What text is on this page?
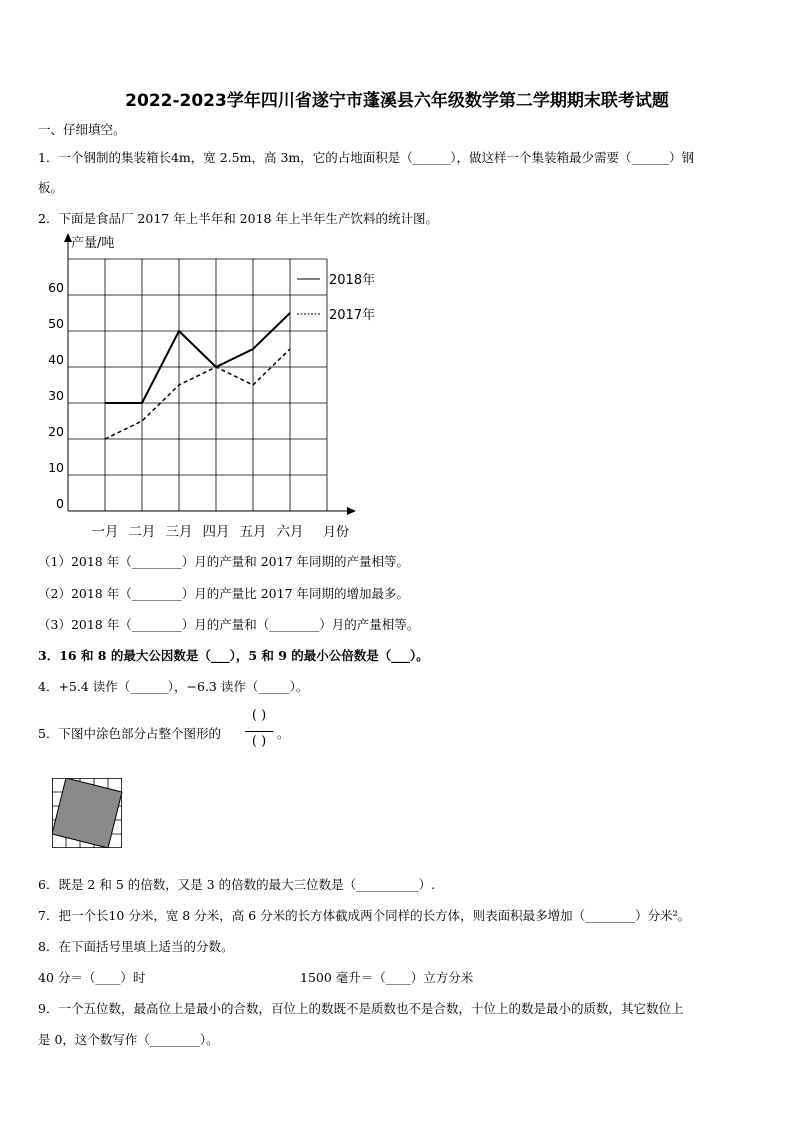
2022-2023学年四川省遂宁市蓬溪县六年级数学第二学期期末联考试题
一、仔细填空。
1．一个钢制的集装箱长4m，宽 2.5m，高 3m，它的占地面积是（______），做这样一个集装箱最少需要（______）钢
板。
2．下面是食品厂 2017 年上半年和 2018 年上半年生产饮料的统计图。
产量/吨
月份
0
10
20
30
40
50
60
一月 二月 三月 四月 五月 六月
2018年
2017年
（1）2018 年（________）月的产量和 2017 年同期的产量相等。
（2）2018 年（________）月的产量比 2017 年同期的增加最多。
（3）2018 年（________）月的产量和（________）月的产量相等。
3．16 和 8 的最大公因数是（___），5 和 9 的最小公倍数是（___）。
4．+5.4 读作（______），−6.3 读作（_____）。
5．下图中涂色部分占整个图形的
( )
( )
。
6．既是 2 和 5 的倍数，又是 3 的倍数的最大三位数是（__________）.
7．把一个长10 分米，宽 8 分米，高 6 分米的长方体截成两个同样的长方体，则表面积最多增加（________）分米²。
8．在下面括号里填上适当的分数。
40 分＝（____）时	1500 毫升＝（____）立方分米
9．一个五位数，最高位上是最小的合数，百位上的数既不是质数也不是合数，十位上的数是最小的质数，其它数位上
是 0，这个数写作（________）。
